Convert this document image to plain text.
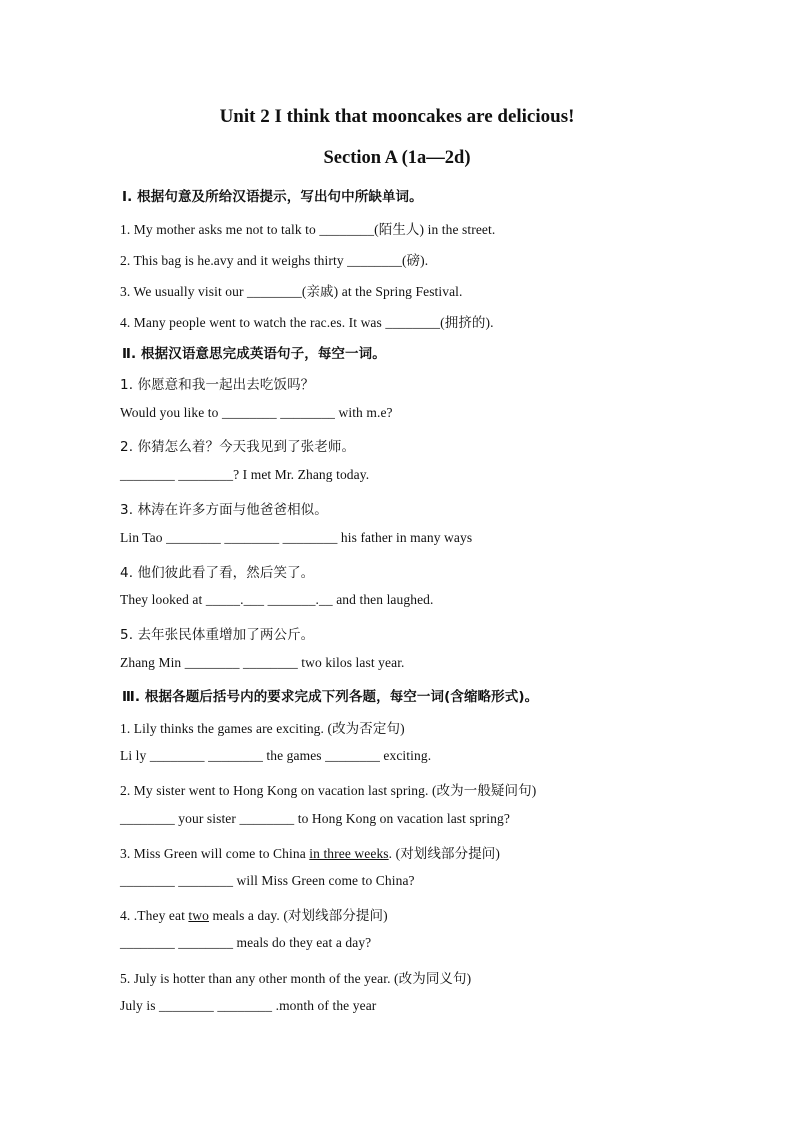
Unit 2 I think that mooncakes are delicious!
Section A (1a—2d)
Ⅰ. 根据句意及所给汉语提示，写出句中所缺单词。
1. My mother asks me not to talk to ________(陌生人) in the street.
2. This bag is he.avy and it weighs thirty ________(磅).
3. We usually visit our ________(亲戚) at the Spring Festival.
4. Many people went to watch the rac.es. It was ________(拥挤的).
Ⅱ. 根据汉语意思完成英语句子，每空一词。
1. 你愿意和我一起出去吃饭吗？
Would you like to ________ ________ with m.e?
2. 你猜怎么着？今天我见到了张老师。
________ ________? I met Mr. Zhang today.
3. 林涛在许多方面与他爸爸相似。
Lin Tao ________ ________ ________ his father in many ways
4. 他们彼此看了看，然后笑了。
They looked at _____.___ _______.__ and then laughed.
5. 去年张民体重增加了两公斤。
Zhang Min ________ ________ two kilos last year.
Ⅲ. 根据各题后括号内的要求完成下列各题，每空一词(含缩略形式)。
1. Lily thinks the games are exciting. (改为否定句)
Li ly ________ ________ the games ________ exciting.
2. My sister went to Hong Kong on vacation last spring. (改为一般疑问句)
________ your sister ________ to Hong Kong on vacation last spring?
3. Miss Green will come to China in three weeks. (对划线部分提问)
________ ________ will Miss Green come to China?
4. .They eat two meals a day. (对划线部分提问)
________ ________ meals do they eat a day?
5. July is hotter than any other month of the year. (改为同义句)
July is ________ ________ .month of the year
